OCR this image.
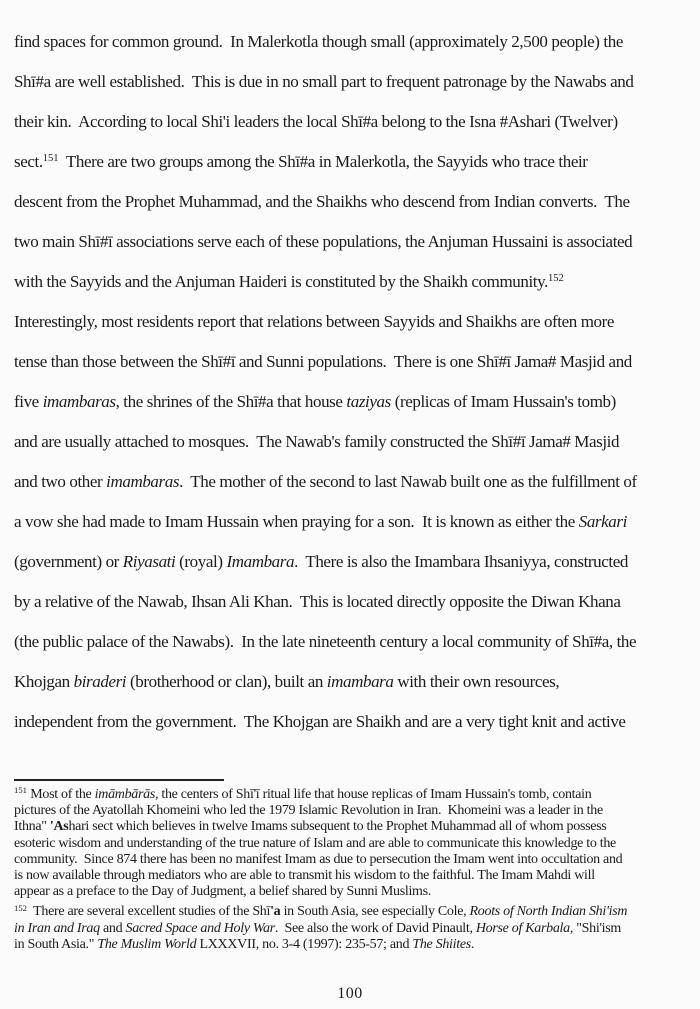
find spaces for common ground.  In Malerkotla though small (approximately 2,500 people) the
Shī#a are well established.  This is due in no small part to frequent patronage by the Nawabs and
their kin.  According to local Shi'i leaders the local Shī#a belong to the Isna #Ashari (Twelver)
sect.$^{151}$  There are two groups among the Shī#a in Malerkotla, the Sayyids who trace their
descent from the Prophet Muhammad, and the Shaikhs who descend from Indian converts.  The
two main Shī#ī associations serve each of these populations, the Anjuman Hussaini is associated
with the Sayyids and the Anjuman Haideri is constituted by the Shaikh community.$^{152}$
Interestingly, most residents report that relations between Sayyids and Shaikhs are often more
tense than those between the Shī#ī and Sunni populations.  There is one Shī#ī Jama# Masjid and
five imambaras, the shrines of the Shī#a that house taziyas (replicas of Imam Hussain's tomb)
and are usually attached to mosques.  The Nawab's family constructed the Shī#ī Jama# Masjid
and two other imambaras.  The mother of the second to last Nawab built one as the fulfillment of
a vow she had made to Imam Hussain when praying for a son.  It is known as either the Sarkari
(government) or Riyasati (royal) Imambara.  There is also the Imambara Ihsaniyya, constructed
by a relative of the Nawab, Ihsan Ali Khan.  This is located directly opposite the Diwan Khana
(the public palace of the Nawabs).  In the late nineteenth century a local community of Shī#a, the
Khojgan biraderi (brotherhood or clan), built an imambara with their own resources,
independent from the government.  The Khojgan are Shaikh and are a very tight knit and active
$^{151}$ Most of the imāmbārās, the centers of Shī'ī ritual life that house replicas of Imam Hussain's tomb, contain
pictures of the Ayatollah Khomeini who led the 1979 Islamic Revolution in Iran.  Khomeini was a leader in the
Ithna" 'Ashari sect which believes in twelve Imams subsequent to the Prophet Muhammad all of whom possess
esoteric wisdom and understanding of the true nature of Islam and are able to communicate this knowledge to the
community.  Since 874 there has been no manifest Imam as due to persecution the Imam went into occultation and
is now available through mediators who are able to transmit his wisdom to the faithful. The Imam Mahdi will
appear as a preface to the Day of Judgment, a belief shared by Sunni Muslims.
$^{152}$  There are several excellent studies of the Shī'a in South Asia, see especially Cole, Roots of North Indian Shi'ism
in Iran and Iraq and Sacred Space and Holy War.  See also the work of David Pinault, Horse of Karbala, "Shi'ism
in South Asia." The Muslim World LXXXVII, no. 3-4 (1997): 235-57; and The Shiites.
100
